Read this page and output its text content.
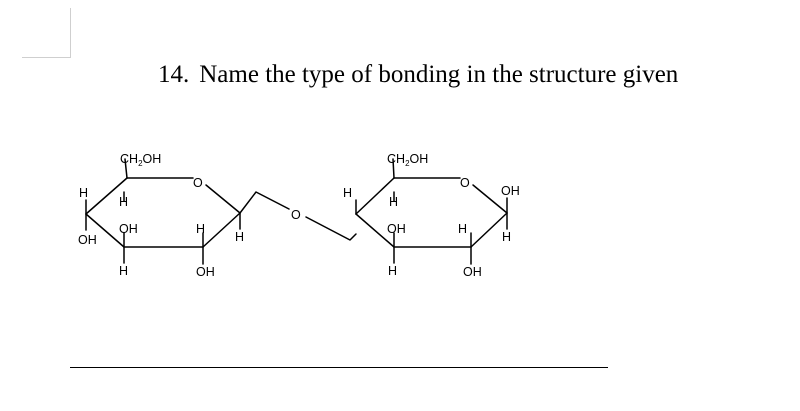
14. Name the type of bonding in the structure given
$CH_2OH$
O
H
H
OH
OH
H
H
OH
H
O
$CH_2OH$
O
H
H	OH
OH
H
H
OH
H
